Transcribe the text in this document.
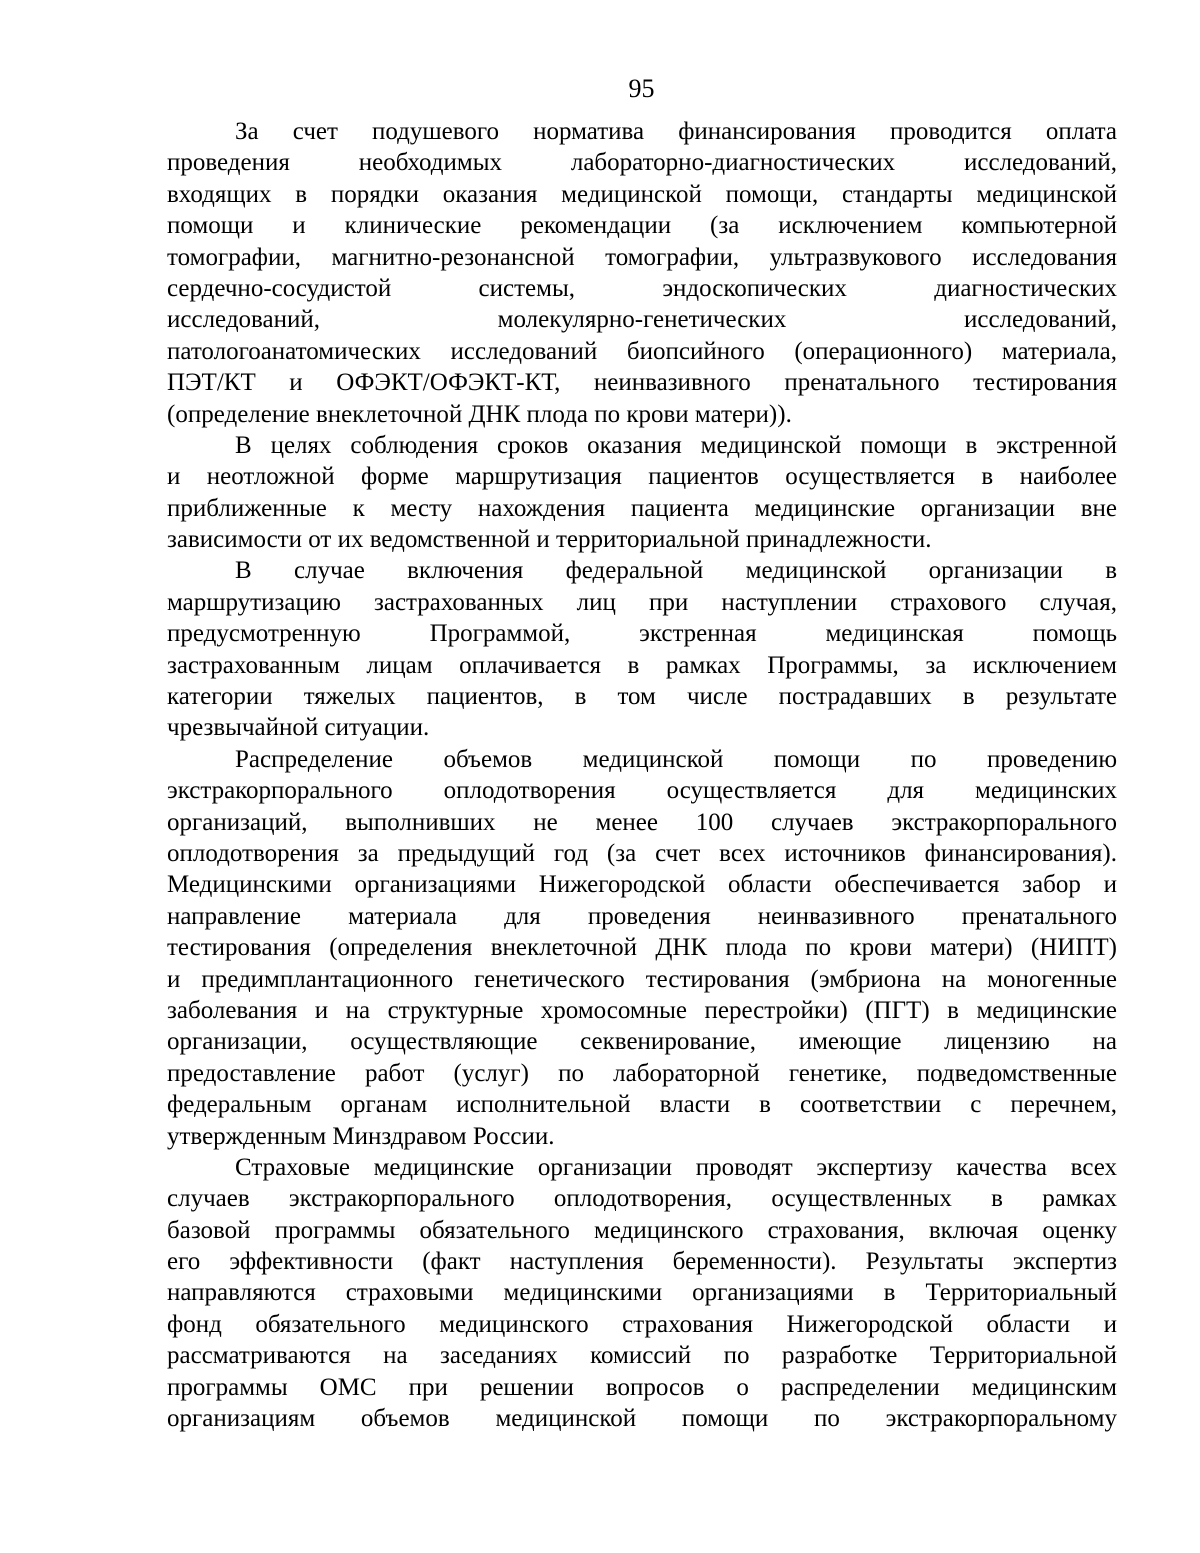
95
За счет подушевого норматива финансирования проводится оплата
проведения необходимых лабораторно-диагностических исследований,
входящих в порядки оказания медицинской помощи, стандарты медицинской
помощи и клинические рекомендации (за исключением компьютерной
томографии, магнитно-резонансной томографии, ультразвукового исследования
сердечно-сосудистой системы, эндоскопических диагностических
исследований, молекулярно-генетических исследований,
патологоанатомических исследований биопсийного (операционного) материала,
ПЭТ/КТ и ОФЭКТ/ОФЭКТ-КТ, неинвазивного пренатального тестирования
(определение внеклеточной ДНК плода по крови матери)).
В целях соблюдения сроков оказания медицинской помощи в экстренной
и неотложной форме маршрутизация пациентов осуществляется в наиболее
приближенные к месту нахождения пациента медицинские организации вне
зависимости от их ведомственной и территориальной принадлежности.
В случае включения федеральной медицинской организации в
маршрутизацию застрахованных лиц при наступлении страхового случая,
предусмотренную Программой, экстренная медицинская помощь
застрахованным лицам оплачивается в рамках Программы, за исключением
категории тяжелых пациентов, в том числе пострадавших в результате
чрезвычайной ситуации.
Распределение объемов медицинской помощи по проведению
экстракорпорального оплодотворения осуществляется для медицинских
организаций, выполнивших не менее 100 случаев экстракорпорального
оплодотворения за предыдущий год (за счет всех источников финансирования).
Медицинскими организациями Нижегородской области обеспечивается забор и
направление материала для проведения неинвазивного пренатального
тестирования (определения внеклеточной ДНК плода по крови матери) (НИПТ)
и предимплантационного генетического тестирования (эмбриона на моногенные
заболевания и на структурные хромосомные перестройки) (ПГТ) в медицинские
организации, осуществляющие секвенирование, имеющие лицензию на
предоставление работ (услуг) по лабораторной генетике, подведомственные
федеральным органам исполнительной власти в соответствии с перечнем,
утвержденным Минздравом России.
Страховые медицинские организации проводят экспертизу качества всех
случаев экстракорпорального оплодотворения, осуществленных в рамках
базовой программы обязательного медицинского страхования, включая оценку
его эффективности (факт наступления беременности). Результаты экспертиз
направляются страховыми медицинскими организациями в Территориальный
фонд обязательного медицинского страхования Нижегородской области и
рассматриваются на заседаниях комиссий по разработке Территориальной
программы ОМС при решении вопросов о распределении медицинским
организациям объемов медицинской помощи по экстракорпоральному
